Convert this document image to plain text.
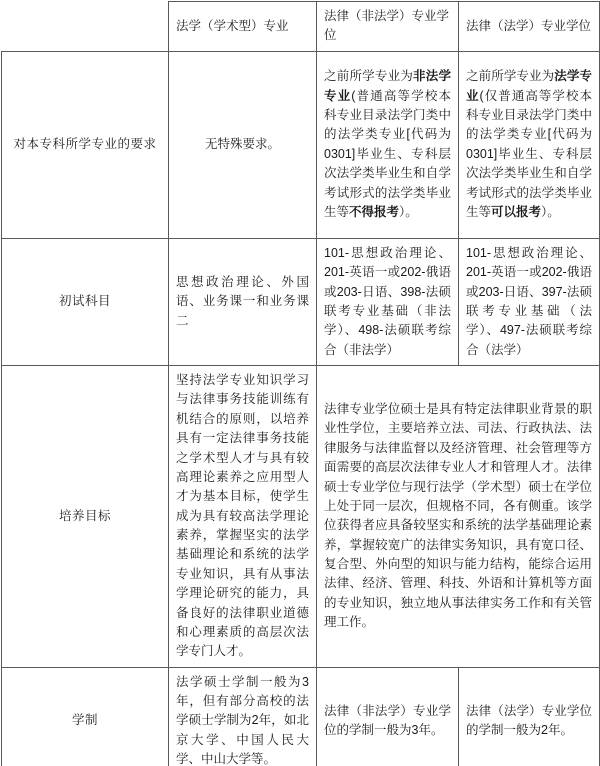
	法学（学术型）专业	法律（非法学）专业学位	法律（法学）专业学位
对本专科所学专业的要求	无特殊要求。	之前所学专业为非法学专业(普通高等学校本科专业目录法学门类中的法学类专业[代码为0301]毕业生、专科层次法学类毕业生和自学考试形式的法学类毕业生等不得报考）。	之前所学专业为法学专业(仅普通高等学校本科专业目录法学门类中的法学类专业[代码为0301]毕业生、专科层次法学类毕业生和自学考试形式的法学类毕业生等可以报考）。
初试科目	思想政治理论、外国语、业务课一和业务课二	101-思想政治理论、201-英语一或202-俄语或203-日语、398-法硕联考专业基础（非法学）、498-法硕联考综合（非法学）	101-思想政治理论、201-英语一或202-俄语或203-日语、397-法硕联考专业基础（法学）、497-法硕联考综合（法学）
培养目标	坚持法学专业知识学习与法律事务技能训练有机结合的原则，以培养具有一定法律事务技能之学术型人才与具有较高理论素养之应用型人才为基本目标，使学生成为具有较高法学理论素养，掌握坚实的法学基础理论和系统的法学专业知识，具有从事法学理论研究的能力，具备良好的法律职业道德和心理素质的高层次法学专门人才。	法律专业学位硕士是具有特定法律职业背景的职业性学位，主要培养立法、司法、行政执法、法律服务与法律监督以及经济管理、社会管理等方面需要的高层次法律专业人才和管理人才。法律硕士专业学位与现行法学（学术型）硕士在学位上处于同一层次，但规格不同，各有侧重。该学位获得者应具备较坚实和系统的法学基础理论素养，掌握较宽广的法律实务知识，具有宽口径、复合型、外向型的知识与能力结构，能综合运用法律、经济、管理、科技、外语和计算机等方面的专业知识，独立地从事法律实务工作和有关管理工作。	
学制	法学硕士学制一般为3年，但有部分高校的法学硕士学制为2年，如北京大学、中国人民大学、中山大学等。	法律（非法学）专业学位的学制一般为3年。	法律（法学）专业学位的学制一般为2年。
